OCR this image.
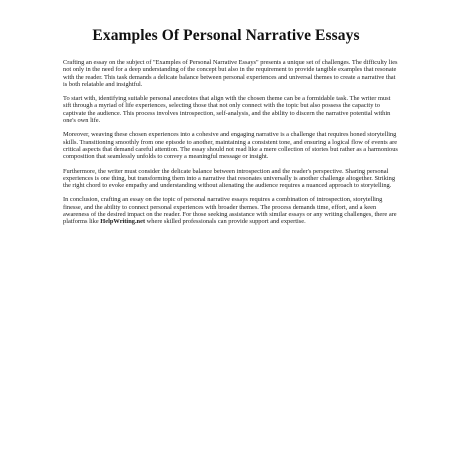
Examples Of Personal Narrative Essays

Crafting an essay on the subject of "Examples of Personal Narrative Essays" presents a unique set of challenges. The difficulty lies not only in the need for a deep understanding of the concept but also in the requirement to provide tangible examples that resonate with the reader. This task demands a delicate balance between personal experiences and universal themes to create a narrative that is both relatable and insightful.

To start with, identifying suitable personal anecdotes that align with the chosen theme can be a formidable task. The writer must sift through a myriad of life experiences, selecting those that not only connect with the topic but also possess the capacity to captivate the audience. This process involves introspection, self-analysis, and the ability to discern the narrative potential within one's own life.

Moreover, weaving these chosen experiences into a cohesive and engaging narrative is a challenge that requires honed storytelling skills. Transitioning smoothly from one episode to another, maintaining a consistent tone, and ensuring a logical flow of events are critical aspects that demand careful attention. The essay should not read like a mere collection of stories but rather as a harmonious composition that seamlessly unfolds to convey a meaningful message or insight.

Furthermore, the writer must consider the delicate balance between introspection and the reader's perspective. Sharing personal experiences is one thing, but transforming them into a narrative that resonates universally is another challenge altogether. Striking the right chord to evoke empathy and understanding without alienating the audience requires a nuanced approach to storytelling.

In conclusion, crafting an essay on the topic of personal narrative essays requires a combination of introspection, storytelling finesse, and the ability to connect personal experiences with broader themes. The process demands time, effort, and a keen awareness of the desired impact on the reader. For those seeking assistance with similar essays or any writing challenges, there are platforms like HelpWriting.net where skilled professionals can provide support and expertise.
